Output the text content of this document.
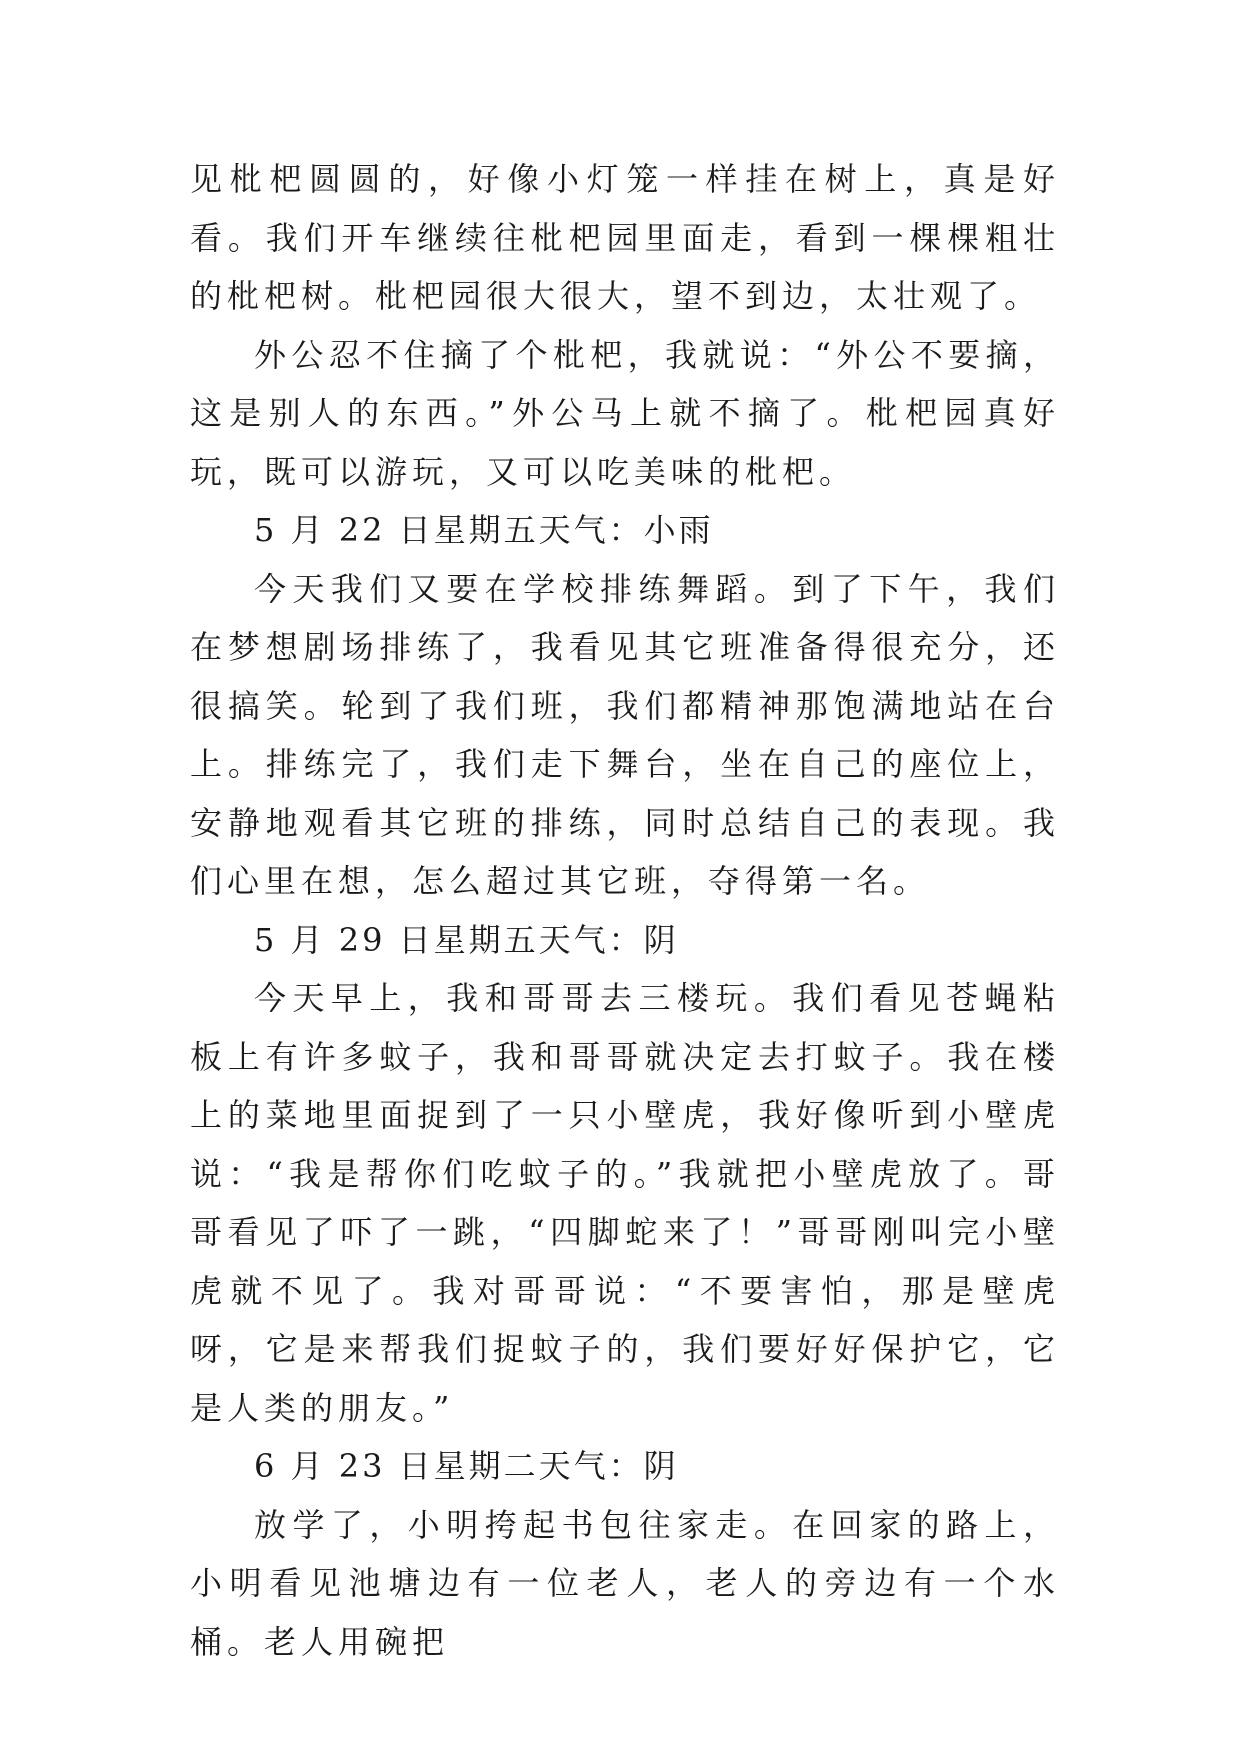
见枇杷圆圆的，好像小灯笼一样挂在树上，真是好看。我们开车继续往枇杷园里面走，看到一棵棵粗壮的枇杷树。枇杷园很大很大，望不到边，太壮观了。

外公忍不住摘了个枇杷，我就说：“外公不要摘，这是别人的东西。”外公马上就不摘了。枇杷园真好玩，既可以游玩，又可以吃美味的枇杷。

5 月 22 日星期五天气：小雨

今天我们又要在学校排练舞蹈。到了下午，我们在梦想剧场排练了，我看见其它班准备得很充分，还很搞笑。轮到了我们班，我们都精神那饱满地站在台上。排练完了，我们走下舞台，坐在自己的座位上，安静地观看其它班的排练，同时总结自己的表现。我们心里在想，怎么超过其它班，夺得第一名。

5 月 29 日星期五天气：阴

今天早上，我和哥哥去三楼玩。我们看见苍蝇粘板上有许多蚊子，我和哥哥就决定去打蚊子。我在楼上的菜地里面捉到了一只小壁虎，我好像听到小壁虎说：“我是帮你们吃蚊子的。”我就把小壁虎放了。哥哥看见了吓了一跳，“四脚蛇来了！”哥哥刚叫完小壁虎就不见了。我对哥哥说：“不要害怕，那是壁虎呀，它是来帮我们捉蚊子的，我们要好好保护它，它是人类的朋友。”

6 月 23 日星期二天气：阴

放学了，小明挎起书包往家走。在回家的路上，小明看见池塘边有一位老人，老人的旁边有一个水桶。老人用碗把
